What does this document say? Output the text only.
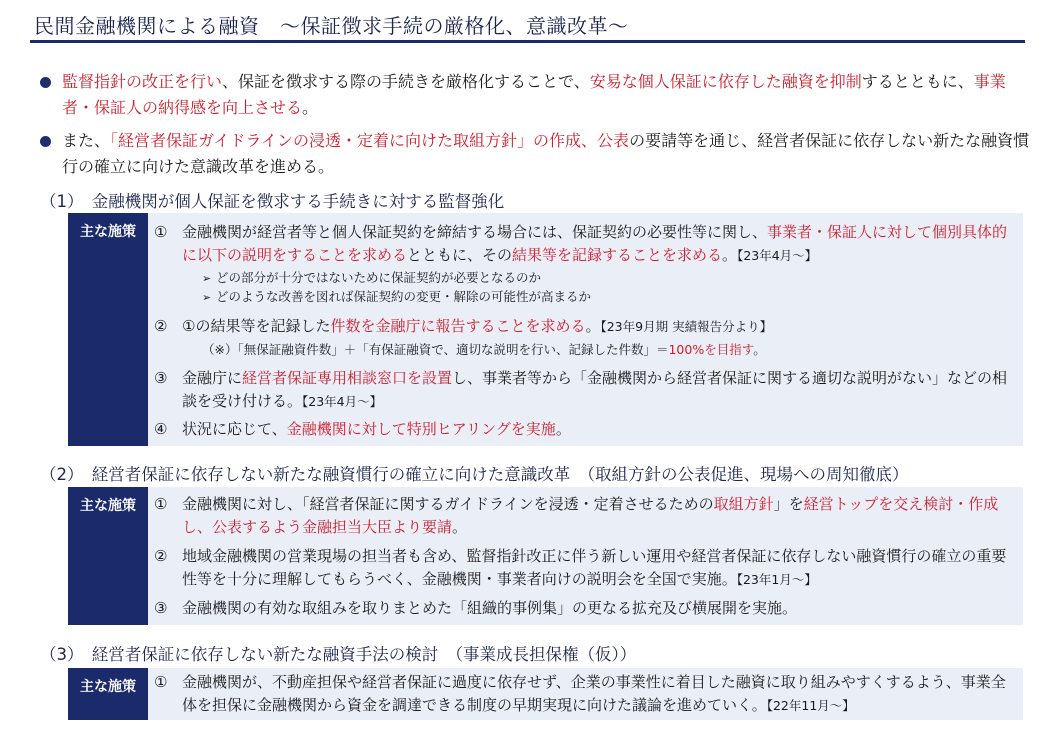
民間金融機関による融資　～保証徴求手続の厳格化、意識改革～
監督指針の改正を行い、保証を徴求する際の手続きを厳格化することで、安易な個人保証に依存した融資を抑制するとともに、事業者・保証人の納得感を向上させる。
また、「経営者保証ガイドラインの浸透・定着に向けた取組方針」の作成、公表の要請等を通じ、経営者保証に依存しない新たな融資慣行の確立に向けた意識改革を進める。
（1）　金融機関が個人保証を徴求する手続きに対する監督強化
主な施策	① 金融機関が経営者等と個人保証契約を締結する場合には、保証契約の必要性等に関し、事業者・保証人に対して個別具体的に以下の説明をすることを求めるとともに、その結果等を記録することを求める。【23年4月～】
➢ どの部分が十分ではないために保証契約が必要となるのか
➢ どのような改善を図れば保証契約の変更・解除の可能性が高まるか
② ①の結果等を記録した件数を金融庁に報告することを求める。【23年9月期 実績報告分より】
（※）「無保証融資件数」＋「有保証融資で、適切な説明を行い、記録した件数」＝100%を目指す。
③ 金融庁に経営者保証専用相談窓口を設置し、事業者等から「金融機関から経営者保証に関する適切な説明がない」などの相談を受け付ける。【23年4月～】
④ 状況に応じて、金融機関に対して特別ヒアリングを実施。
（2）　経営者保証に依存しない新たな融資慣行の確立に向けた意識改革　（取組方針の公表促進、現場への周知徹底）
主な施策	① 金融機関に対し、「経営者保証に関するガイドラインを浸透・定着させるための取組方針」を経営トップを交え検討・作成し、公表するよう金融担当大臣より要請。
② 地域金融機関の営業現場の担当者も含め、監督指針改正に伴う新しい運用や経営者保証に依存しない融資慣行の確立の重要性等を十分に理解してもらうべく、金融機関・事業者向けの説明会を全国で実施。【23年1月～】
③ 金融機関の有効な取組みを取りまとめた「組織的事例集」の更なる拡充及び横展開を実施。
（3）　経営者保証に依存しない新たな融資手法の検討　（事業成長担保権（仮））
主な施策	① 金融機関が、不動産担保や経営者保証に過度に依存せず、企業の事業性に着目した融資に取り組みやすくするよう、事業全体を担保に金融機関から資金を調達できる制度の早期実現に向けた議論を進めていく。【22年11月～】
